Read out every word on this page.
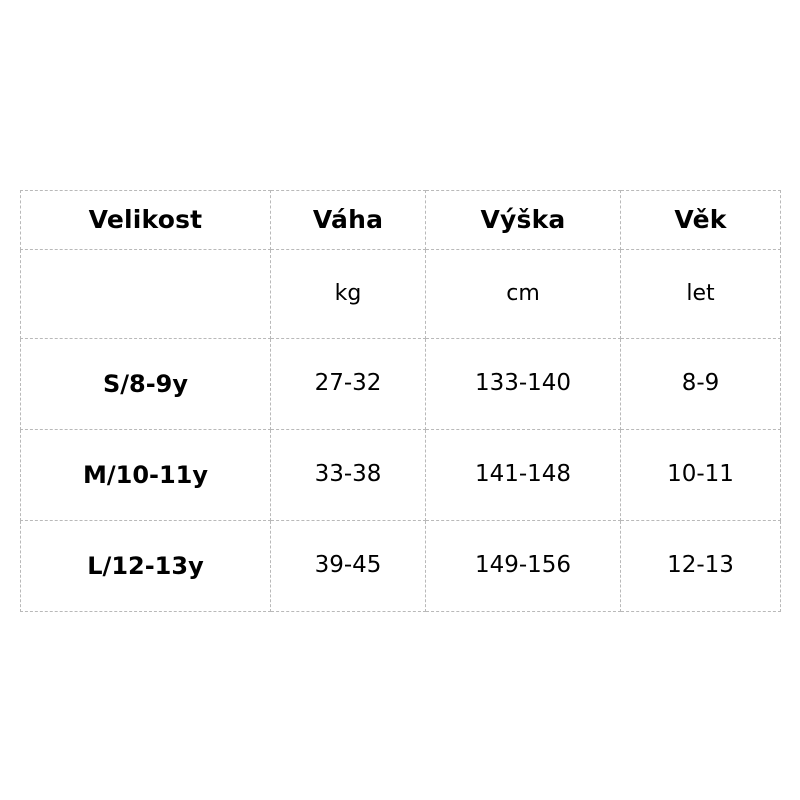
Velikost	Váha	Výška	Věk

	kg	cm	let

S/8-9y	27-32	133-140	8-9

M/10-11y	33-38	141-148	10-11

L/12-13y	39-45	149-156	12-13
